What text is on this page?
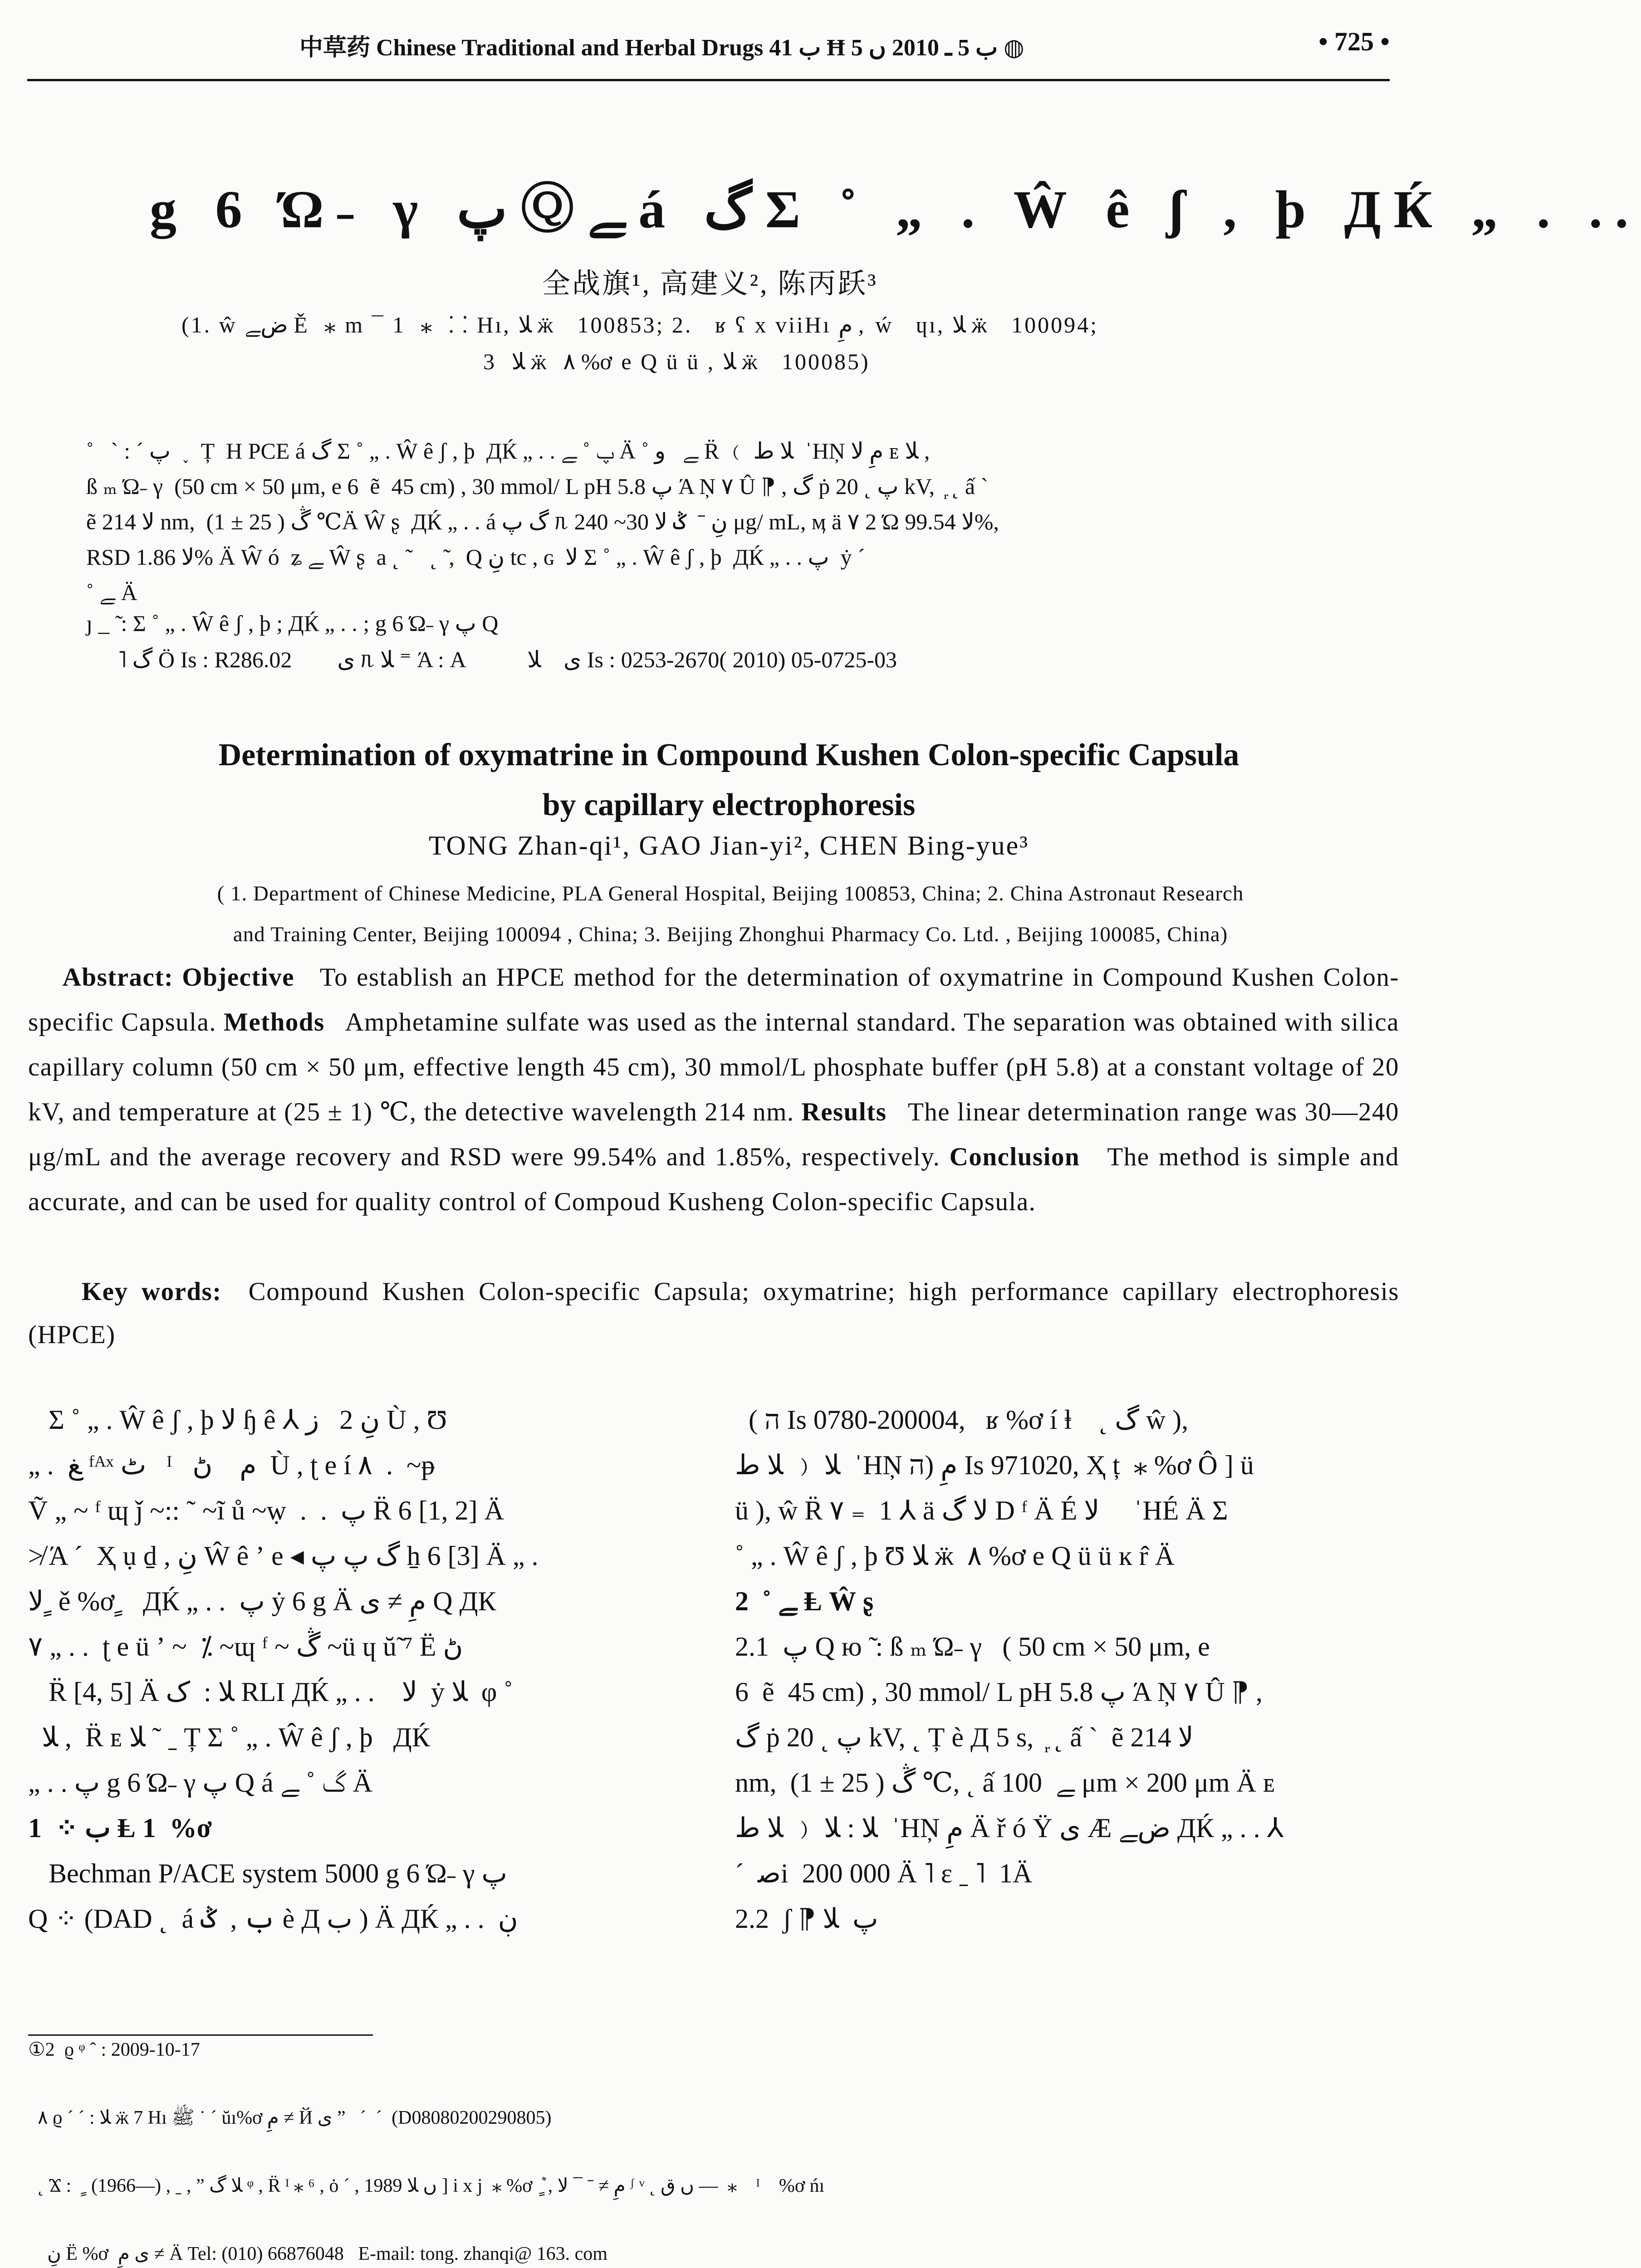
中草药 Chinese Traditional and Herbal Drugs ب 41 Ħ ب 5 ـ 2010 ں 5 ◍	• 725 •
g 6 Ώ˗ γ پ Ⓠ ﮯ á گ Σ ˚ „ . Ŵ ê ʃ , þ ДЌ „ . ..
全战旗¹, 高建义², 陈丙跃³
(1. ŵ ضﮯ Ě  ⁎ m ¯ 1  ⁎  ⸬ Hı, ﻼ ӝ   100853; 2.   ʁ ʕ x viiHı مِ ,  ẃ   ɥı, ﻼ ӝ   100094;
3   ﻼ ӝ  ۸ %ơ e Q ü ü , ﻼ ӝ   100085)
˚   ˋ : ˊ پ  ˯  Ț  H PCE á گ Σ ˚ „ . Ŵ ê ʃ , þ  ДЌ „ . . پ ˚ ﮯ Ä ˚ ﮯ   و R̈ ﹙ ﻼ ط  ˈHŅ مِ لا ᴇ ﻼ ,
ß ₘ Ώ˗ γ  (50 cm × 50 μm, e 6  ẽ  45 cm) , 30 mmol/ L pH 5.8 پ Ά Ņ ۷ Û ⁋ , گ ṗ پ ˛ 20 kV,  ᷊ ˛ ấ ˋ
ẽ لا 214 nm,  ڴ ( 25 ± 1) ℃Ä Ŵ ʂ  ДЌ „ . . á گ پ ᥰ نِ ˉ  ݣ لا 30~ 240 μg/ mL, ӎ ä ۷ 2 Ώ لا 99.54%,
RSD لا 1.86% Ä Ŵ ó  ʑ ﮯ Ŵ ʂ  a ˛ ˜   ˛ ̃ ,  Q نِ tc , ɢ  لا Σ ˚ „ . Ŵ ê ʃ , þ  ДЌ „ . . پ  ẏ ˊ
˚ ﮯ Ä
ȷ _ ̃ : Σ ˚ „ . Ŵ ê ʃ , þ ; ДЌ „ . . ; g 6 Ώ˗ γ پ Q
˥ گ Ö Is : R286.02        ی ᥰ ﻼ ⁼ Ά : A           ی    ﻼ Is : 0253-2670( 2010) 05-0725-03
Determination of oxymatrine in Compound Kushen Colon-specific Capsula
by capillary electrophoresis
TONG Zhan-qi¹, GAO Jian-yi², CHEN Bing-yue³
( 1. Department of Chinese Medicine, PLA General Hospital, Beijing 100853, China; 2. China Astronaut Research
and Training Center, Beijing 100094 , China; 3. Beijing Zhonghui Pharmacy Co. Ltd. , Beijing 100085, China)
Abstract: Objective To establish an HPCE method for the determination of oxymatrine in Compound Kushen Colon-specific Capsula. Methods Amphetamine sulfate was used as the internal standard. The separation was obtained with silica capillary column (50 cm × 50 μm, effective length 45 cm), 30 mmol/L phosphate buffer (pH 5.8) at a constant voltage of 20 kV, and temperature at (25 ± 1) ℃, the detective wavelength 214 nm. Results The linear determination range was 30—240 μg/mL and the average recovery and RSD were 99.54% and 1.85%, respectively. Conclusion The method is simple and accurate, and can be used for quality control of Compoud Kusheng Colon-specific Capsula.
Key words: Compound Kushen Colon-specific Capsula; oxymatrine; high performance capillary electrophoresis (HPCE)
Σ ˚ „ . Ŵ ê ʃ , þ لا ɧ ê ⅄ نِ 2   ز Ù , Ʊ
„ .  ﻎ ᶠᴬˣ ٹ   ᴵ   م    ڻ  Ù , ʈ e í ۸  .  ~ᵽ
Ṽ „ ~ ᶠ ɰ ǰ ~:: ˜ ~ĩ ů ~ẉ  .  .  پ R̈ 6 [1, 2] Ä
≯ Ά ˊ  Ҳ ụ ḏ , نِ Ŵ ê ʼ e ◂ گ پ پ ẖ 6 [3] Ä „ .
لا ٍ ě %ơ ٍ   ДЌ „ . .  پ ẏ 6 g Ä مِ ≠ ى Q ДК
۷ „ . .  ʈ e ü ʼ ~  ⁒ ~ɰ ᶠ ~ ڴ ~ü ɥ ŭ̃ ⁷ Ё ڻ
R̈ [4, 5] Ä ﻼ :  ک RLI ДЌ „ . .    لا  ẏ ﻼ  φ ˚
ﻼ ,  R̈ ᴇ ﻼ ˜ ˍ Ț Σ ˚ „ . Ŵ ê ʃ , þ   ДЌ
„ . . پ g 6 Ώ˗ γ پ Q á گ ˚ ﮯ Ä
1  ⁘ ب Ⱡ 1  %ơ
Bechman P/ACE system 5000 g 6 Ώ˗ γ پ
Q ⁘ (DAD ˛  á ب ,  ݣ è Д ب ) Ä ДЌ „ . .  ڹ
( ה Is 0780-200004,   ʁ %ơ í ⱡ    ˛ گ ŵ ),
ﻼ ﹙ ﻼ ط  ˈHŅ مِ (ה Is 971020, Ҳ ț  ⁎ %ơ Ô ] ü
ü ), ŵ R̈ ۷ ₌  1 ⅄ ä لا گ D ᶠ Ä É لا     ˈHÉ Ä Σ
˚ „ . Ŵ ê ʃ , þ Ʊ ﻼ ӝ  ۸ %ơ e Q ü ü ĸ r̂ Ä
2  ˚ ﮯ Ⱡ Ŵ ʂ
2.1  پ Q ю ̃ : ß ₘ Ώ˗ γ   ( 50 cm × 50 μm, e
6  ẽ  45 cm) , 30 mmol/ L pH 5.8 پ Ά Ņ ۷ Û ⁋ ,
گ ṗ پ ˛ 20 kV, ˛ Ț è Д 5 s,  ᷊ ˛ ấ ˋ  ẽ لا 214
nm,  ڴ ( 25 ± 1) ℃, ˛ ấ ﮯ  100 μm × 200 μm Ä ᴇ
ﻼ : ﻼ ﹙ ﻼ ط  ˈHŅ مِ Ä ř ó Ÿ ى Æ ضﮯ ДЌ „ . . ⅄
ˊ  ﺻi  200 000 Ä ˥ ɛ ˍ ˥  1Ä
2.2  ʃ ⁋ پ  ﻼ

①2  ϱ ᵠ ˆ : 2009-10-17

۸ ϱ ˊ ˊ : ﻼ ӝ 7 Hı ﷺ ˙ ˊ ŭı%ơ مِ ≠ Й ى ”   ˊ  ˊ  (D08080200290805)

˛ Ϫ :   ٍ (1966—) , ˍ , ” ﻼ گ ᵠ , R̈ ᴵ ⁎ ⁶ , ȯ ˊ , 1989 ں ﻼ ] i x j  ⁎ %ơ ܶ ٍ , مِ ≠ ˉ ¯ لا ᶴ ᵛ ˛ ں ق —  ⁎    ᴵ    %ơ ńı

نِ Ё %ơ  ى مِ ≠ Ä Tel: (010) 66876048   E-mail: tong. zhanqi@ 163. com
